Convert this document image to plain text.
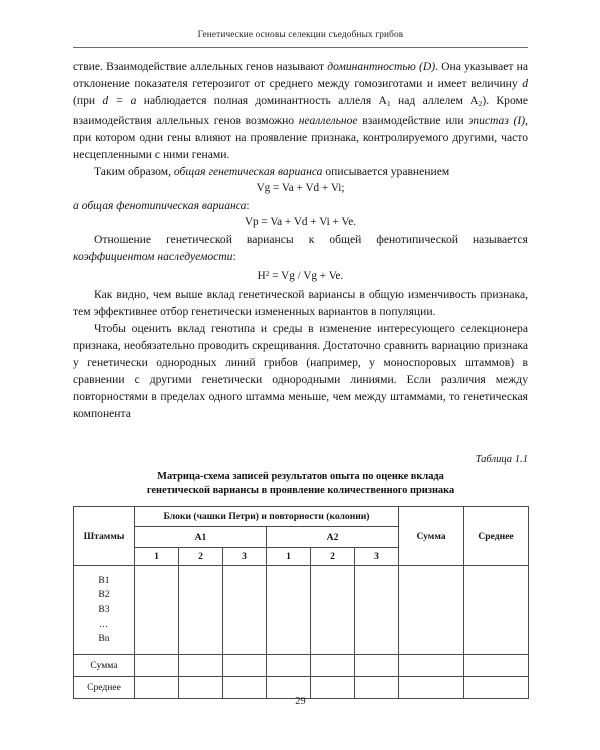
Генетические основы селекции съедобных грибов

ствие. Взаимодействие аллельных генов называют доминантностью (D). Она указывает на отклонение показателя гетерозигот от среднего между гомозиготами и имеет величину d (при d = a наблюдается полная доминантность аллеля $A_1$ над аллелем $A_2$). Кроме взаимодействия аллельных генов возможно неаллельное взаимодействие или эпистаз (I), при котором одни гены влияют на проявление признака, контролируемого другими, часто несцепленными с ними генами.

Таким образом, общая генетическая варианса описывается уравнением

Vg = Va + Vd + Vi;

а общая фенотипическая варианса:

Vp = Va + Vd + Vi + Ve.

Отношение генетической вариансы к общей фенотипической называется коэффициентом наследуемости:

$H^2 = Vg / Vg + Ve$.

Как видно, чем выше вклад генетической вариансы в общую изменчивость признака, тем эффективнее отбор генетически измененных вариантов в популяции.

Чтобы оценить вклад генотипа и среды в изменение интересующего селекционера признака, необязательно проводить скрещивания. Достаточно сравнить вариацию признака у генетически однородных линий грибов (например, у моноспоровых штаммов) в сравнении с другими генетически однородными линиями. Если различия между повторностями в пределах одного штамма меньше, чем между штаммами, то генетическая компонента

Таблица 1.1
Матрица-схема записей результатов опыта по оценке вклада
генетической вариансы в проявление количественного признака
Штаммы	Блоки (чашки Петри) и повторности (колонии)						Сумма	Среднее
	А1			А2				
	1	2	3	1	2	3		

B1
B2
B3
…
Bn								

Сумма								
Среднее								
29
